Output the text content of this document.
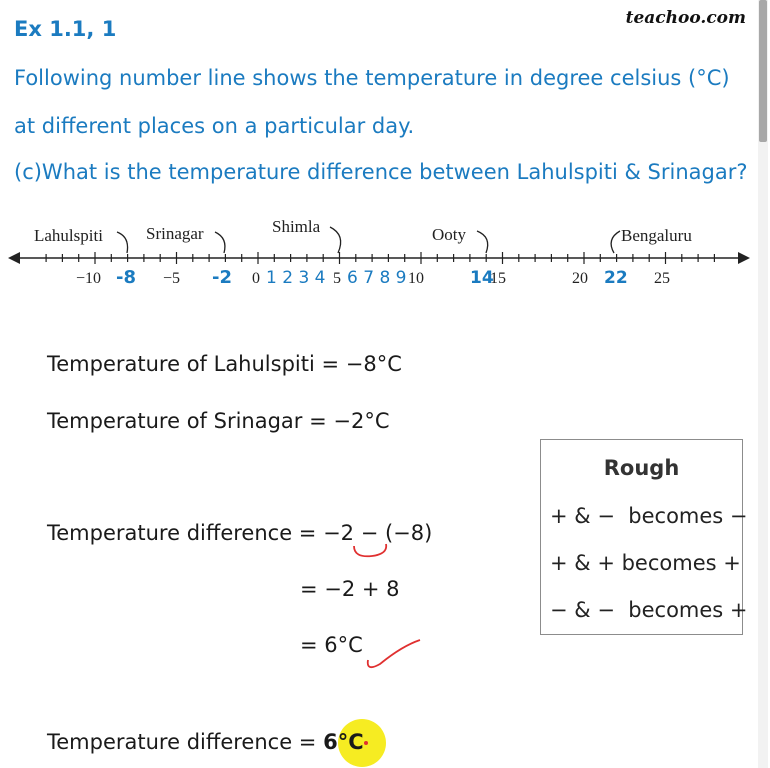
Ex 1.1, 1	teachoo.com
Following number line shows the temperature in degree celsius (°C)
at different places on a particular day.
(c)What is the temperature difference between Lahulspiti & Srinagar?
Lahulspiti	Srinagar	Shimla	Ooty	Bengaluru
−10	−5	0	5	10	15	20	25
-8	-2 1 2 3 4 6 7 8 9	14	22
Temperature of Lahulspiti = −8°C
Temperature of Srinagar = −2°C
Temperature difference = −2 − (−8)
= −2 + 8
= 6°C
Temperature difference = 6°C
Rough
+ & −  becomes −
+ & + becomes +
− & −  becomes +
